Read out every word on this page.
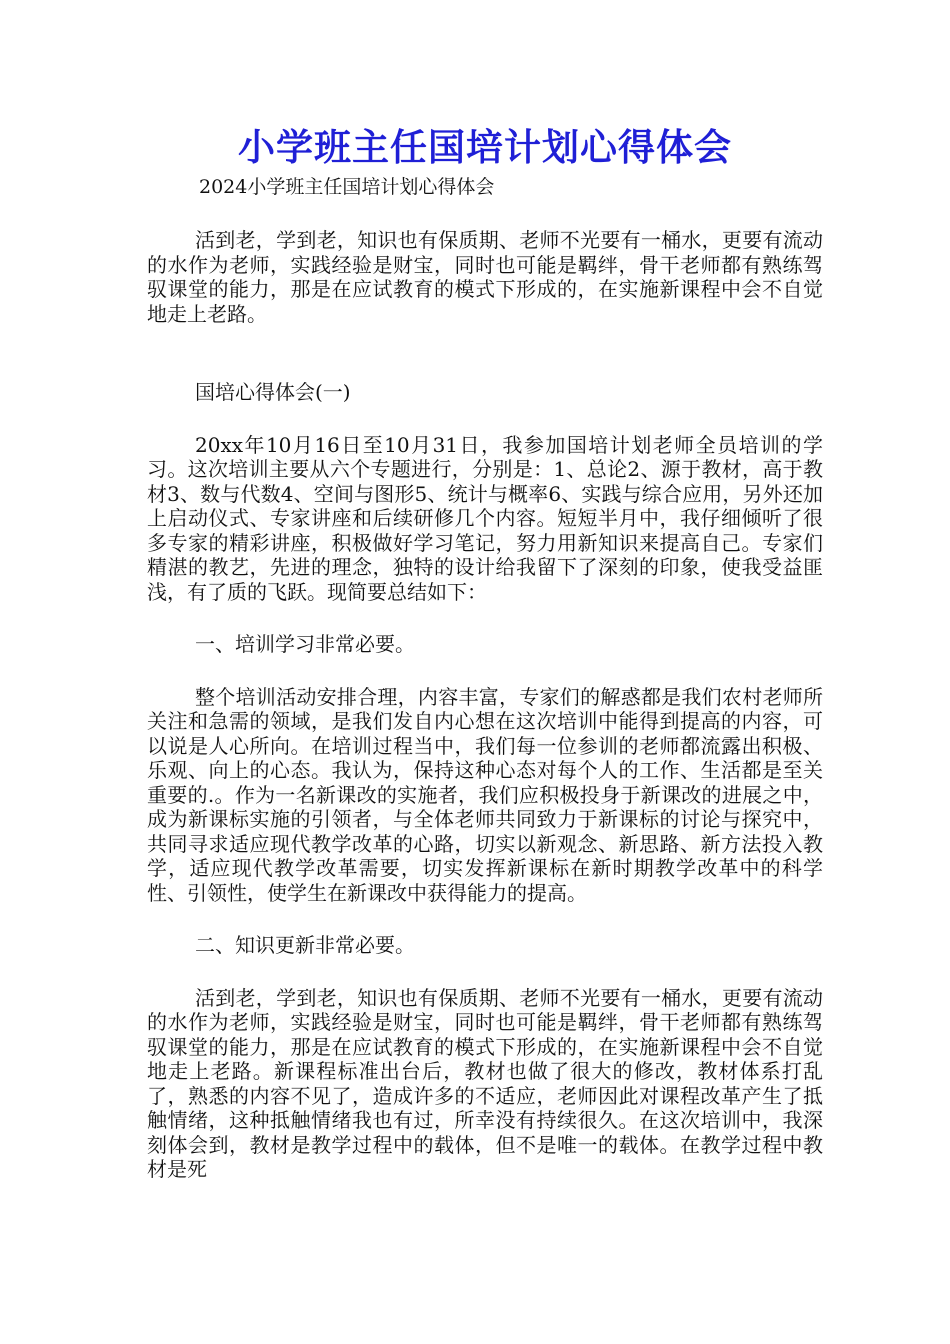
小学班主任国培计划心得体会

2024小学班主任国培计划心得体会

活到老，学到老，知识也有保质期、老师不光要有一桶水，更要有流动的水作为老师，实践经验是财宝，同时也可能是羁绊，骨干老师都有熟练驾驭课堂的能力，那是在应试教育的模式下形成的，在实施新课程中会不自觉地走上老路。

国培心得体会(一)

20xx年10月16日至10月31日，我参加国培计划老师全员培训的学习。这次培训主要从六个专题进行，分别是：1、总论2、源于教材，高于教材3、数与代数4、空间与图形5、统计与概率6、实践与综合应用，另外还加上启动仪式、专家讲座和后续研修几个内容。短短半月中，我仔细倾听了很多专家的精彩讲座，积极做好学习笔记，努力用新知识来提高自己。专家们精湛的教艺，先进的理念，独特的设计给我留下了深刻的印象，使我受益匪浅，有了质的飞跃。现简要总结如下：

一、培训学习非常必要。

整个培训活动安排合理，内容丰富，专家们的解惑都是我们农村老师所关注和急需的领域，是我们发自内心想在这次培训中能得到提高的内容，可以说是人心所向。在培训过程当中，我们每一位参训的老师都流露出积极、乐观、向上的心态。我认为，保持这种心态对每个人的工作、生活都是至关重要的.。作为一名新课改的实施者，我们应积极投身于新课改的进展之中，成为新课标实施的引领者，与全体老师共同致力于新课标的讨论与探究中，共同寻求适应现代教学改革的心路，切实以新观念、新思路、新方法投入教学，适应现代教学改革需要，切实发挥新课标在新时期教学改革中的科学性、引领性，使学生在新课改中获得能力的提高。

二、知识更新非常必要。

活到老，学到老，知识也有保质期、老师不光要有一桶水，更要有流动的水作为老师，实践经验是财宝，同时也可能是羁绊，骨干老师都有熟练驾驭课堂的能力，那是在应试教育的模式下形成的，在实施新课程中会不自觉地走上老路。新课程标准出台后，教材也做了很大的修改，教材体系打乱了，熟悉的内容不见了，造成许多的不适应，老师因此对课程改革产生了抵触情绪，这种抵触情绪我也有过，所幸没有持续很久。在这次培训中，我深刻体会到，教材是教学过程中的载体，但不是唯一的载体。在教学过程中教材是死
